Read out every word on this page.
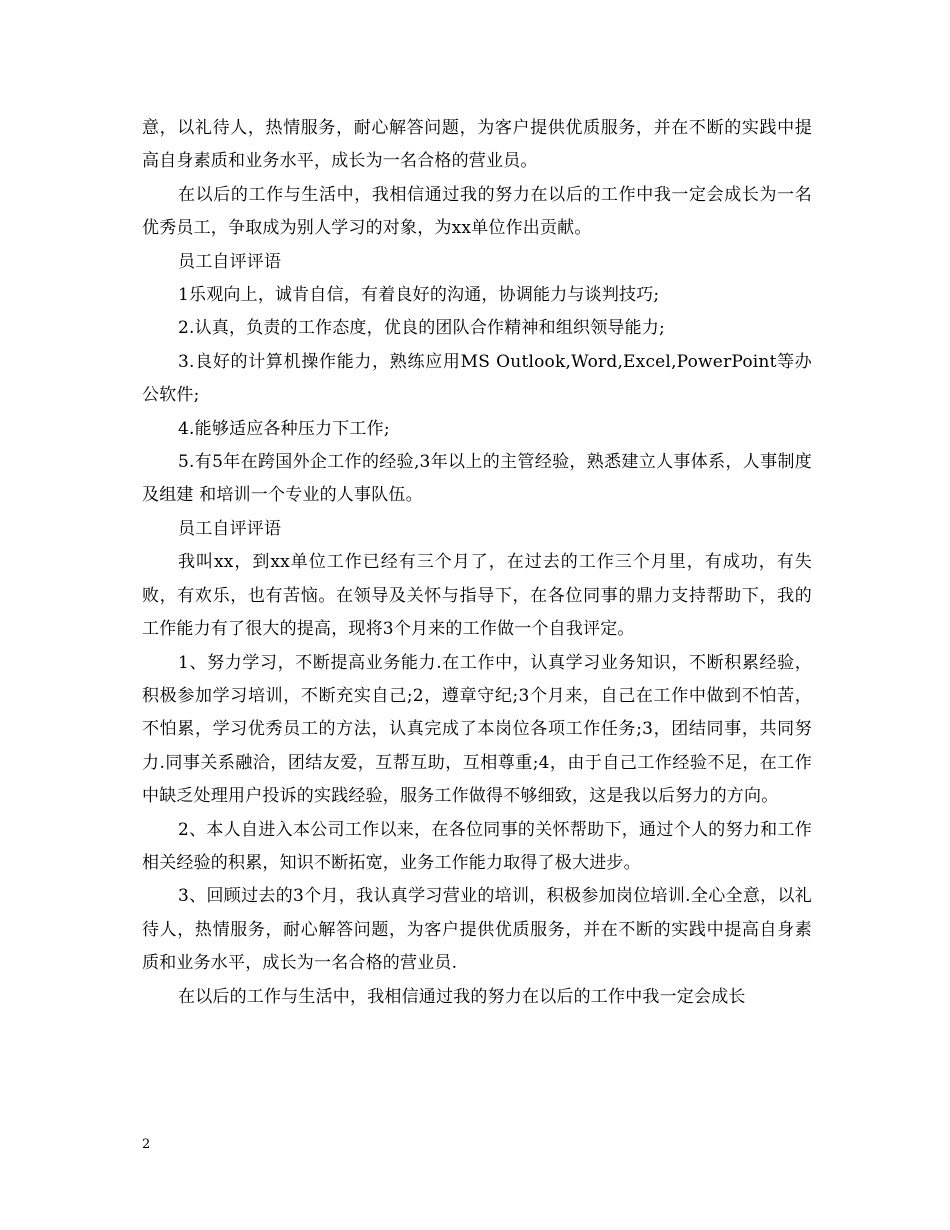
意，以礼待人，热情服务，耐心解答问题，为客户提供优质服务，并在不断的实践中提高自身素质和业务水平，成长为一名合格的营业员。

在以后的工作与生活中，我相信通过我的努力在以后的工作中我一定会成长为一名优秀员工，争取成为别人学习的对象，为xx单位作出贡献。

员工自评评语

1乐观向上，诚肯自信，有着良好的沟通，协调能力与谈判技巧;

2.认真，负责的工作态度，优良的团队合作精神和组织领导能力;

3.良好的计算机操作能力，熟练应用MS Outlook,Word,Excel,PowerPoint等办公软件;

4.能够适应各种压力下工作;

5.有5年在跨国外企工作的经验,3年以上的主管经验，熟悉建立人事体系，人事制度及组建 和培训一个专业的人事队伍。

员工自评评语

我叫xx，到xx单位工作已经有三个月了，在过去的工作三个月里，有成功，有失败，有欢乐，也有苦恼。在领导及关怀与指导下，在各位同事的鼎力支持帮助下，我的工作能力有了很大的提高，现将3个月来的工作做一个自我评定。

1、努力学习，不断提高业务能力.在工作中，认真学习业务知识，不断积累经验，积极参加学习培训，不断充实自己;2，遵章守纪;3个月来，自己在工作中做到不怕苦，不怕累，学习优秀员工的方法，认真完成了本岗位各项工作任务;3，团结同事，共同努力.同事关系融洽，团结友爱，互帮互助，互相尊重;4，由于自己工作经验不足，在工作中缺乏处理用户投诉的实践经验，服务工作做得不够细致，这是我以后努力的方向。

2、本人自进入本公司工作以来，在各位同事的关怀帮助下，通过个人的努力和工作相关经验的积累，知识不断拓宽，业务工作能力取得了极大进步。

3、回顾过去的3个月，我认真学习营业的培训，积极参加岗位培训.全心全意，以礼待人，热情服务，耐心解答问题，为客户提供优质服务，并在不断的实践中提高自身素质和业务水平，成长为一名合格的营业员.

在以后的工作与生活中，我相信通过我的努力在以后的工作中我一定会成长

2
